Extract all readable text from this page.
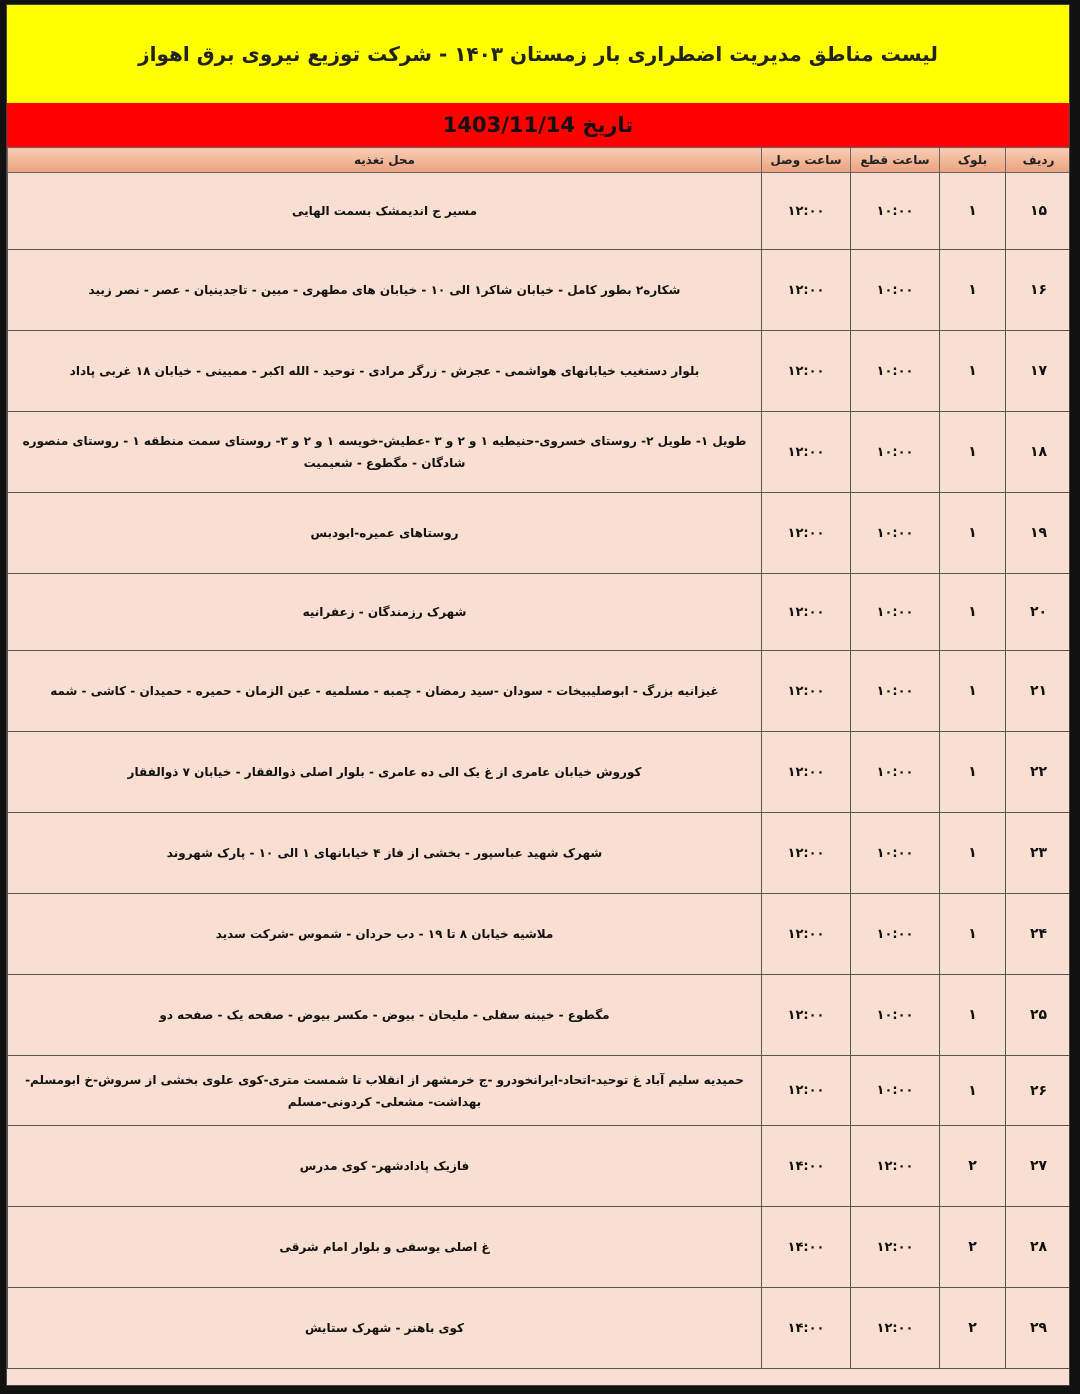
لیست مناطق مدیریت اضطراری بار زمستان ۱۴۰۳ - شرکت توزیع نیروی برق اهواز
تاریخ 1403/11/14
ردیف	بلوک	ساعت قطع	ساعت وصل	محل تغذیه
۱۵	۱	۱۰:۰۰	۱۲:۰۰	مسیر ج اندیمشک بسمت الهایی
۱۶	۱	۱۰:۰۰	۱۲:۰۰	شکاره۲ بطور کامل - خیابان شاکر۱ الی ۱۰ - خیابان های مطهری - مبین - تاجدینیان - عصر - نصر زبید
۱۷	۱	۱۰:۰۰	۱۲:۰۰	بلوار دستغیب خیابانهای هواشمی - عجرش - زرگر مرادی - توحید - الله اکبر - ممیینی - خیابان ۱۸ غربی پاداد
۱۸	۱	۱۰:۰۰	۱۲:۰۰	طویل ۱- طویل ۲- روستای خسروی-حنیطیه ۱ و ۲ و ۳ -عطیش-خویسه ۱ و ۲ و ۳- روستای سمت منطقه ۱ - روستای منصوره شادگان - مگطوع - شعیمیت
۱۹	۱	۱۰:۰۰	۱۲:۰۰	روستاهای عمیره-ابودبس
۲۰	۱	۱۰:۰۰	۱۲:۰۰	شهرک رزمندگان - زعفرانیه
۲۱	۱	۱۰:۰۰	۱۲:۰۰	غیزانیه بزرگ - ابوصلیبیخات - سودان -سید رمضان - چمبه - مسلمیه - عین الزمان - حمیره - حمیدان - کاشی - شمه
۲۲	۱	۱۰:۰۰	۱۲:۰۰	کوروش خیابان عامری از غ یک الی ده عامری - بلوار اصلی ذوالفقار - خیابان ۷ ذوالفقار
۲۳	۱	۱۰:۰۰	۱۲:۰۰	شهرک شهید عباسپور - بخشی از فاز ۴ خیابانهای ۱ الی ۱۰ - پارک شهروند
۲۴	۱	۱۰:۰۰	۱۲:۰۰	ملاشیه خیابان ۸ تا ۱۹ - دب حردان - شموس -شرکت سدید
۲۵	۱	۱۰:۰۰	۱۲:۰۰	مگطوع - خیبنه سفلی - ملیحان - بیوض - مکسر بیوض - صفحه یک - صفحه دو
۲۶	۱	۱۰:۰۰	۱۲:۰۰	حمیدیه سلیم آباد غ توحید-اتحاد-ایرانخودرو -ج خرمشهر از انقلاب تا شمست متری-کوی علوی بخشی از سروش-خ ابومسلم- بهداشت- مشعلی- کردونی-مسلم
۲۷	۲	۱۲:۰۰	۱۴:۰۰	فازیک پادادشهر- کوی مدرس
۲۸	۲	۱۲:۰۰	۱۴:۰۰	غ اصلی یوسفی و بلوار امام شرقی
۲۹	۲	۱۲:۰۰	۱۴:۰۰	کوی باهنر - شهرک ستایش
